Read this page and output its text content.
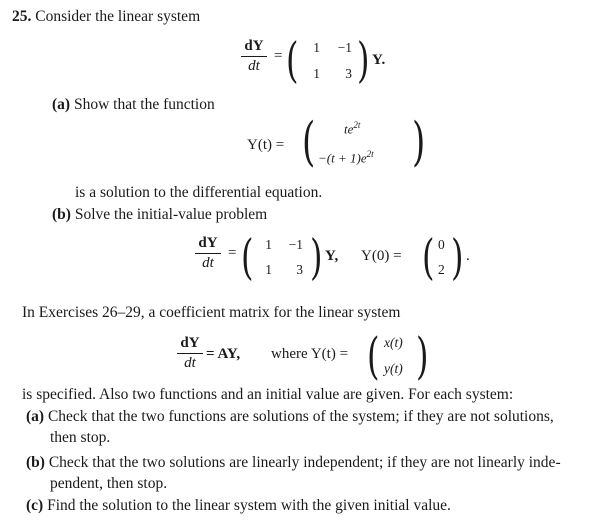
25. Consider the linear system
dY
dt
= (	1	−1
1	3 ) Y.
(a) Show that the function
Y(t) = ( $te^{2t}$
$-(t + 1)e^{2t}$ )
is a solution to the differential equation.
(b) Solve the initial-value problem
dY
dt
= ( 1	−1
1	3 ) Y, Y(0) = ( 0
2 ) .
In Exercises 26–29, a coefficient matrix for the linear system
dY
dt
= AY, where Y(t) = ( x(t)
y(t) )
is specified. Also two functions and an initial value are given. For each system:
(a) Check that the two functions are solutions of the system; if they are not solutions,
then stop.
(b) Check that the two solutions are linearly independent; if they are not linearly inde-
pendent, then stop.
(c) Find the solution to the linear system with the given initial value.
